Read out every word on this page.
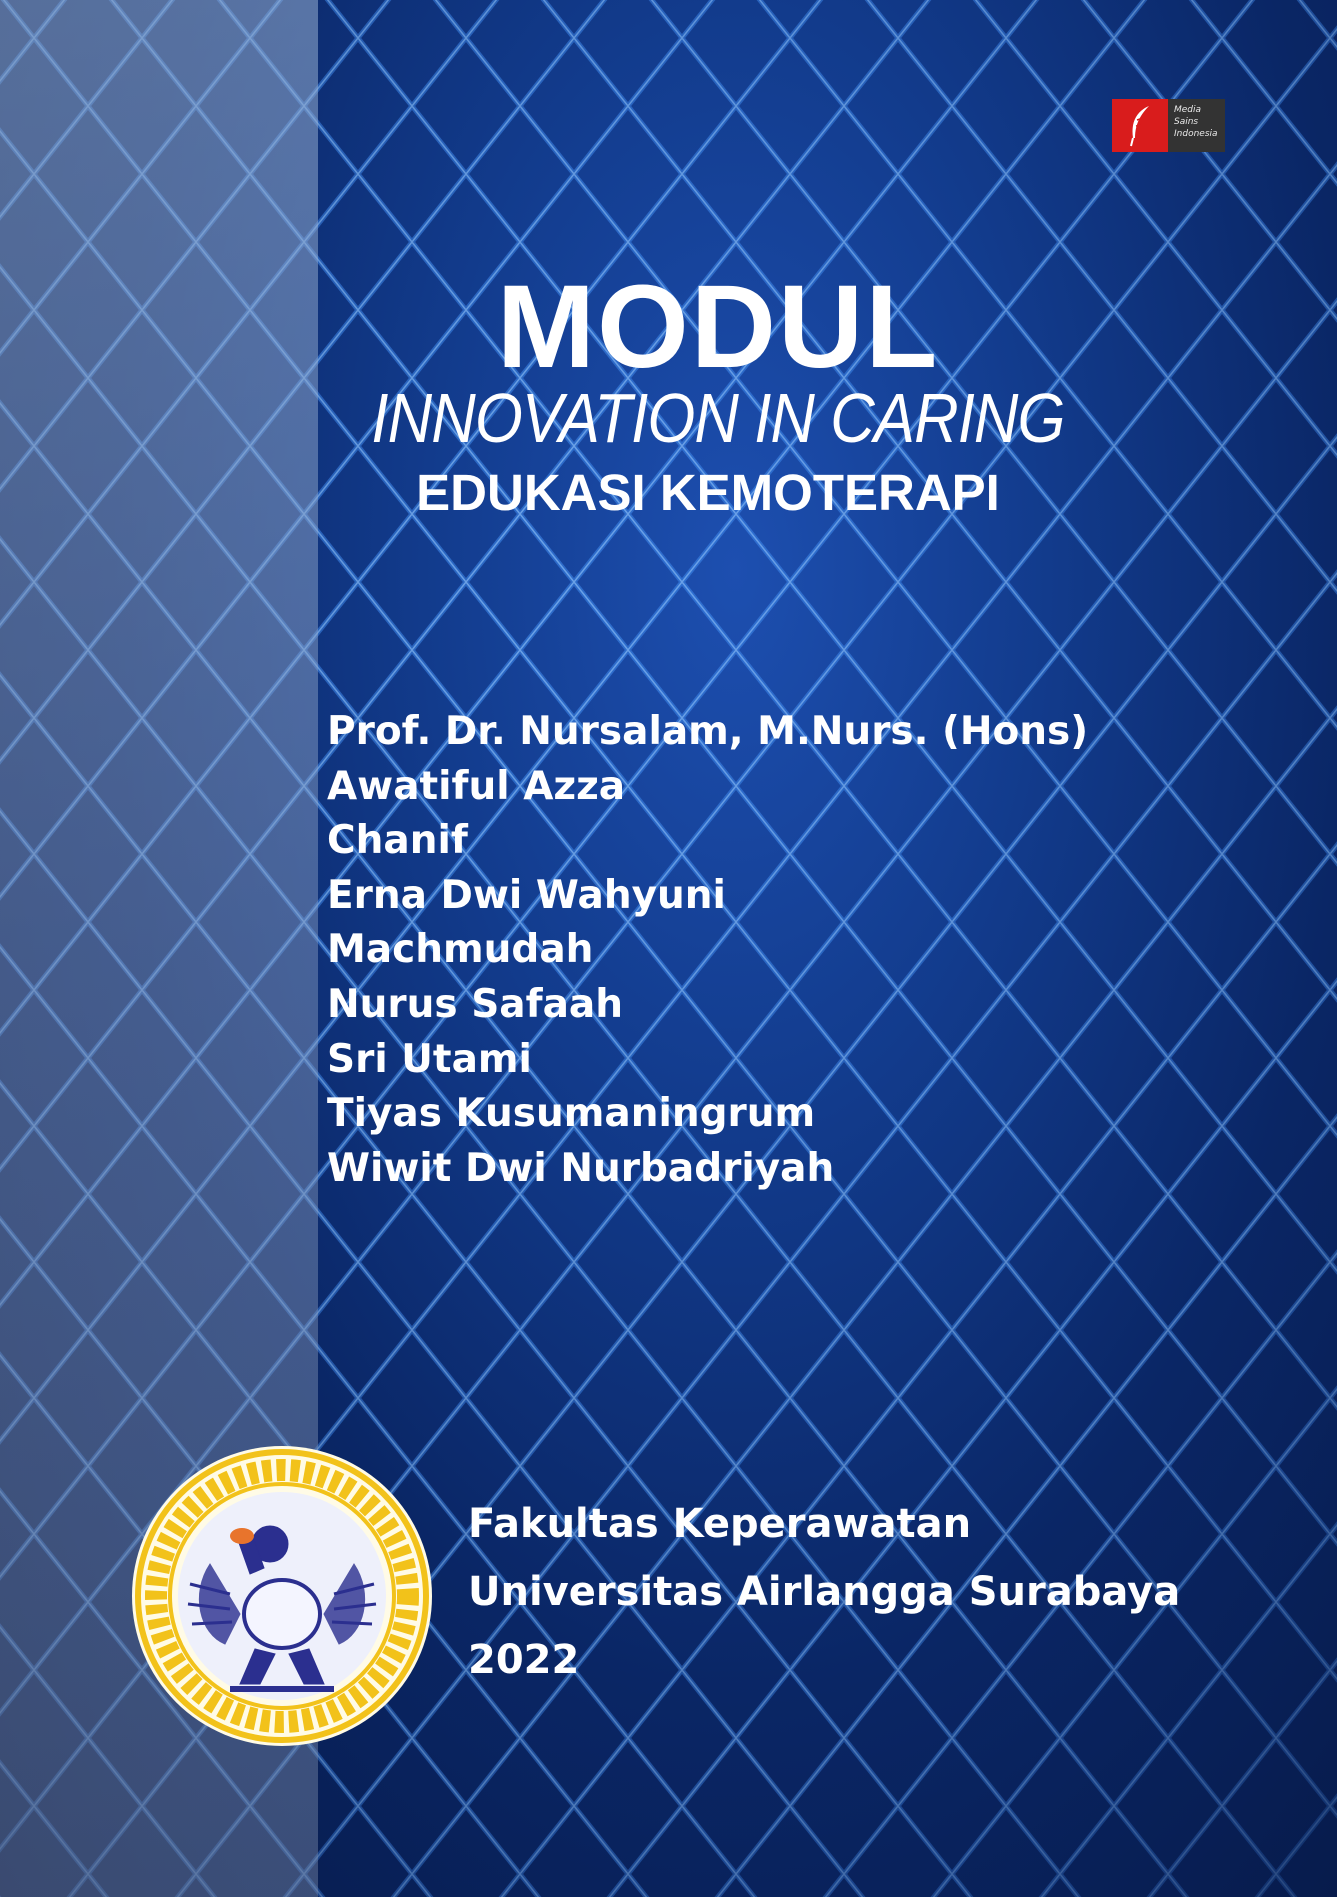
Media
Sains
Indonesia
MODUL
INNOVATION IN CARING
EDUKASI KEMOTERAPI
Prof. Dr. Nursalam, M.Nurs. (Hons)
Awatiful Azza
Chanif
Erna Dwi Wahyuni
Machmudah
Nurus Safaah
Sri Utami
Tiyas Kusumaningrum
Wiwit Dwi Nurbadriyah
Fakultas Keperawatan
Universitas Airlangga Surabaya
2022
